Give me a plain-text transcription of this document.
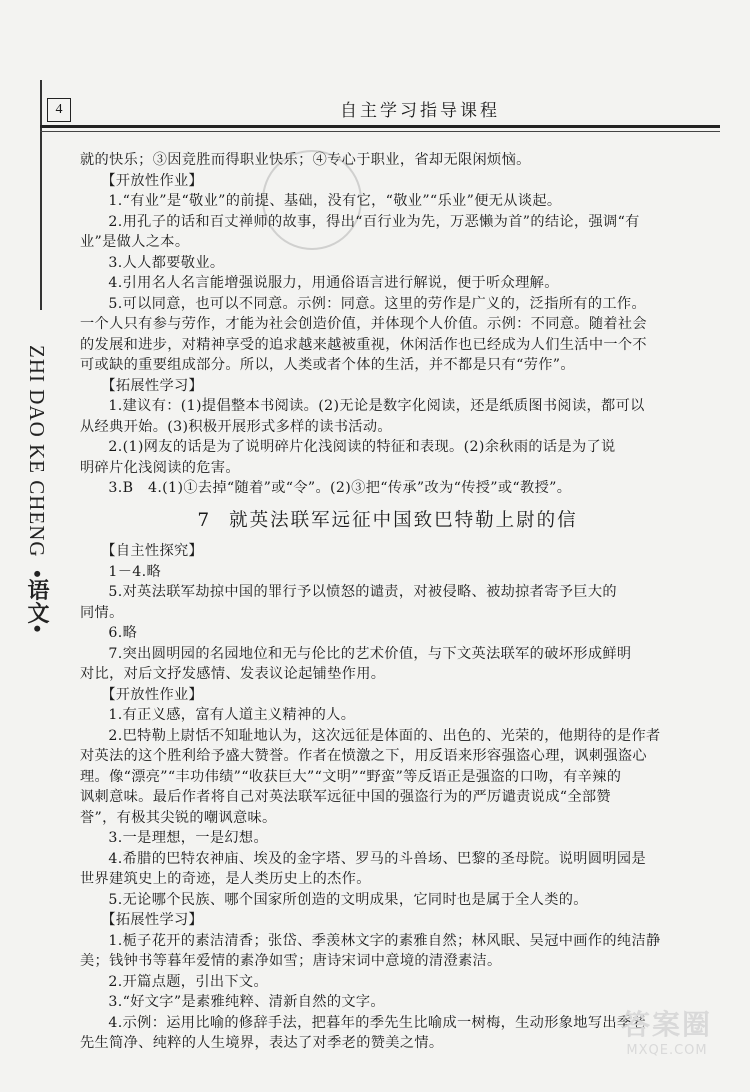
4	自主学习指导课程
ZHI DAO KE CHENG •语文•

就的快乐；③因竞胜而得职业快乐；④专心于职业，省却无限闲烦恼。

【开放性作业】

1.“有业”是“敬业”的前提、基础，没有它，“敬业”“乐业”便无从谈起。

2.用孔子的话和百丈禅师的故事，得出“百行业为先，万恶懒为首”的结论，强调“有

业”是做人之本。

3.人人都要敬业。

4.引用名人名言能增强说服力，用通俗语言进行解说，便于听众理解。

5.可以同意，也可以不同意。示例：同意。这里的劳作是广义的，泛指所有的工作。

一个人只有参与劳作，才能为社会创造价值，并体现个人价值。示例：不同意。随着社会

的发展和进步，对精神享受的追求越来越被重视，休闲活作也已经成为人们生活中一个不

可或缺的重要组成部分。所以，人类或者个体的生活，并不都是只有“劳作”。

【拓展性学习】

1.建议有：(1)提倡整本书阅读。(2)无论是数字化阅读，还是纸质图书阅读，都可以

从经典开始。(3)积极开展形式多样的读书活动。

2.(1)网友的话是为了说明碎片化浅阅读的特征和表现。(2)余秋雨的话是为了说

明碎片化浅阅读的危害。

3.B　4.(1)①去掉“随着”或“令”。(2)③把“传承”改为“传授”或“教授”。

7 就英法联军远征中国致巴特勒上尉的信

【自主性探究】

1－4.略

5.对英法联军劫掠中国的罪行予以愤怒的谴责，对被侵略、被劫掠者寄予巨大的

同情。

6.略

7.突出圆明园的名园地位和无与伦比的艺术价值，与下文英法联军的破坏形成鲜明

对比，对后文抒发感情、发表议论起铺垫作用。

【开放性作业】

1.有正义感，富有人道主义精神的人。

2.巴特勒上尉恬不知耻地认为，这次远征是体面的、出色的、光荣的，他期待的是作者

对英法的这个胜利给予盛大赞誉。作者在愤激之下，用反语来形容强盗心理，讽刺强盗心

理。像“漂亮”“丰功伟绩”“收获巨大”“文明”“野蛮”等反语正是强盗的口吻，有辛辣的

讽刺意味。最后作者将自己对英法联军远征中国的强盗行为的严厉谴责说成“全部赞

誉”，有极其尖锐的嘲讽意味。

3.一是理想，一是幻想。

4.希腊的巴特农神庙、埃及的金字塔、罗马的斗兽场、巴黎的圣母院。说明圆明园是

世界建筑史上的奇迹，是人类历史上的杰作。

5.无论哪个民族、哪个国家所创造的文明成果，它同时也是属于全人类的。

【拓展性学习】

1.栀子花开的素洁清香；张岱、季羡林文字的素雅自然；林风眠、吴冠中画作的纯洁静

美；钱钟书等暮年爱情的素净如雪；唐诗宋词中意境的清澄素洁。

2.开篇点题，引出下文。

3.“好文字”是素雅纯粹、清新自然的文字。

4.示例：运用比喻的修辞手法，把暮年的季先生比喻成一树梅，生动形象地写出季老

先生简净、纯粹的人生境界，表达了对季老的赞美之情。

答案圈
MXQE.COM
